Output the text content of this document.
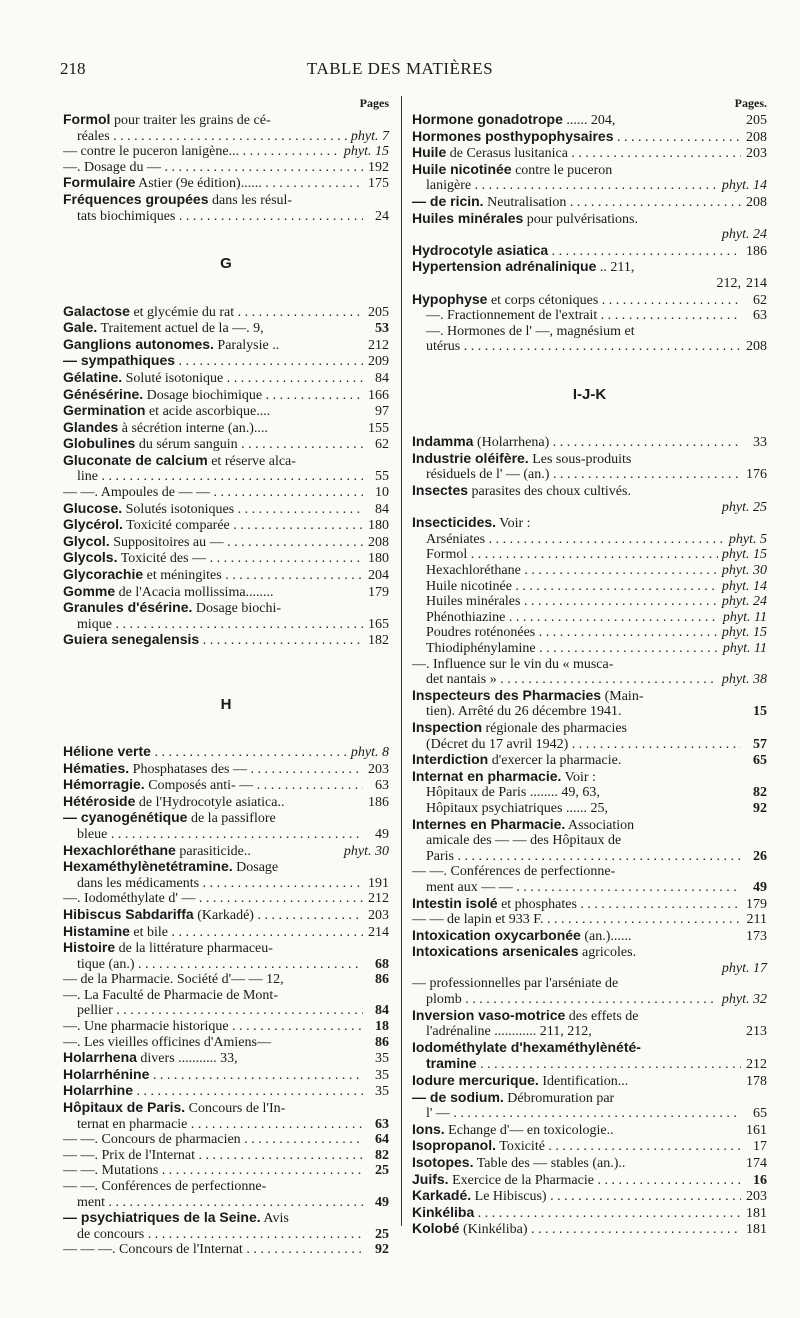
218	TABLE DES MATIÈRES
Pages
Formol pour traiter les grains de cé-
réales . . .	phyt. 7
— contre le puceron lanigène... . . .	phyt. 15
—. Dosage du — . . .	192
Formulaire Astier (9e édition)...... . . .	175
Fréquences groupées dans les résul-
tats biochimiques . . .	24
G
Galactose et glycémie du rat . . .	205
Gale. Traitement actuel de la —. 9,	53
Ganglions autonomes. Paralysie ..	212
— sympathiques . . .	209
Gélatine. Soluté isotonique . . .	84
Génésérine. Dosage biochimique . . .	166
Germination et acide ascorbique....	97
Glandes à sécrétion interne (an.)....	155
Globulines du sérum sanguin . . .	62
Gluconate de calcium et réserve alca-
line . . .	55
— —. Ampoules de — — . . .	10
Glucose. Solutés isotoniques . . .	84
Glycérol. Toxicité comparée . . .	180
Glycol. Suppositoires au — . . .	208
Glycols. Toxicité des — . . .	180
Glycorachie et méningites . . .	204
Gomme de l'Acacia mollissima........	179
Granules d'ésérine. Dosage biochi-
mique . . .	165
Guiera senegalensis . . .	182
H
Hélione verte . . .	phyt. 8
Hématies. Phosphatases des — . . .	203
Hémorragie. Composés anti- — . . .	63
Hétéroside de l'Hydrocotyle asiatica..	186
— cyanogénétique de la passiflore
bleue . . .	49
Hexachloréthane parasiticide..	phyt. 30
Hexaméthylènetétramine. Dosage
dans les médicaments . . .	191
—. Iodométhylate d' — . . .	212
Hibiscus Sabdariffa (Karkadé) . . .	203
Histamine et bile . . .	214
Histoire de la littérature pharmaceu-
tique (an.) . . .	68
— de la Pharmacie. Société d'— — 12,	86
—. La Faculté de Pharmacie de Mont-
pellier . . .	84
—. Une pharmacie historique . . .	18
—. Les vieilles officines d'Amiens—	86
Holarrhena divers ........... 33,	35
Holarrhénine . . .	35
Holarrhine . . .	35
Hôpitaux de Paris. Concours de l'In-
ternat en pharmacie . . .	63
— —. Concours de pharmacien . . .	64
— —. Prix de l'Internat . . .	82
— —. Mutations . . .	25
— —. Conférences de perfectionne-
ment . . .	49
— psychiatriques de la Seine. Avis
de concours . . .	25
— — —. Concours de l'Internat . . .	92
Pages.
Hormone gonadotrope ...... 204,	205
Hormones posthypophysaires . . .	208
Huile de Cerasus lusitanica . . .	203
Huile nicotinée contre le puceron
lanigère . . .	phyt. 14
— de ricin. Neutralisation . . .	208
Huiles minérales pour pulvérisations.
phyt. 24
Hydrocotyle asiatica . . .	186
Hypertension adrénalinique .. 211,
212, 214
Hypophyse et corps cétoniques . . .	62
—. Fractionnement de l'extrait . . .	63
—. Hormones de l' —, magnésium et
utérus . . .	208
I-J-K
Indamma (Holarrhena) . . .	33
Industrie oléifère. Les sous-produits
résiduels de l' — (an.) . . .	176
Insectes parasites des choux cultivés.
phyt. 25
Insecticides. Voir :
Arséniates . . .	phyt. 5
Formol . . .	phyt. 15
Hexachloréthane . . .	phyt. 30
Huile nicotinée . . .	phyt. 14
Huiles minérales . . .	phyt. 24
Phénothiazine . . .	phyt. 11
Poudres roténonées . . .	phyt. 15
Thiodiphénylamine . . .	phyt. 11
—. Influence sur le vin du « musca-
det nantais » . . .	phyt. 38
Inspecteurs des Pharmacies (Main-
tien). Arrêté du 26 décembre 1941.	15
Inspection régionale des pharmacies
(Décret du 17 avril 1942) . . .	57
Interdiction d'exercer la pharmacie.	65
Internat en pharmacie. Voir :
Hôpitaux de Paris ........ 49, 63,	82
Hôpitaux psychiatriques ...... 25,	92
Internes en Pharmacie. Association
amicale des — — des Hôpitaux de
Paris . . .	26
— —. Conférences de perfectionne-
ment aux — — . . .	49
Intestin isolé et phosphates . . .	179
— — de lapin et 933 F. . . .	211
Intoxication oxycarbonée (an.)......	173
Intoxications arsenicales agricoles.
phyt. 17
— professionnelles par l'arséniate de
plomb . . .	phyt. 32
Inversion vaso-motrice des effets de
l'adrénaline ............ 211, 212,	213
Iodométhylate d'hexaméthylènété-
tramine . . .	212
Iodure mercurique. Identification...	178
— de sodium. Débromuration par
l' — . . .	65
Ions. Echange d'— en toxicologie..	161
Isopropanol. Toxicité . . .	17
Isotopes. Table des — stables (an.)..	174
Juifs. Exercice de la Pharmacie . . .	16
Karkadé. Le Hibiscus) . . .	203
Kinkéliba . . .	181
Kolobé (Kinkéliba) . . .	181
